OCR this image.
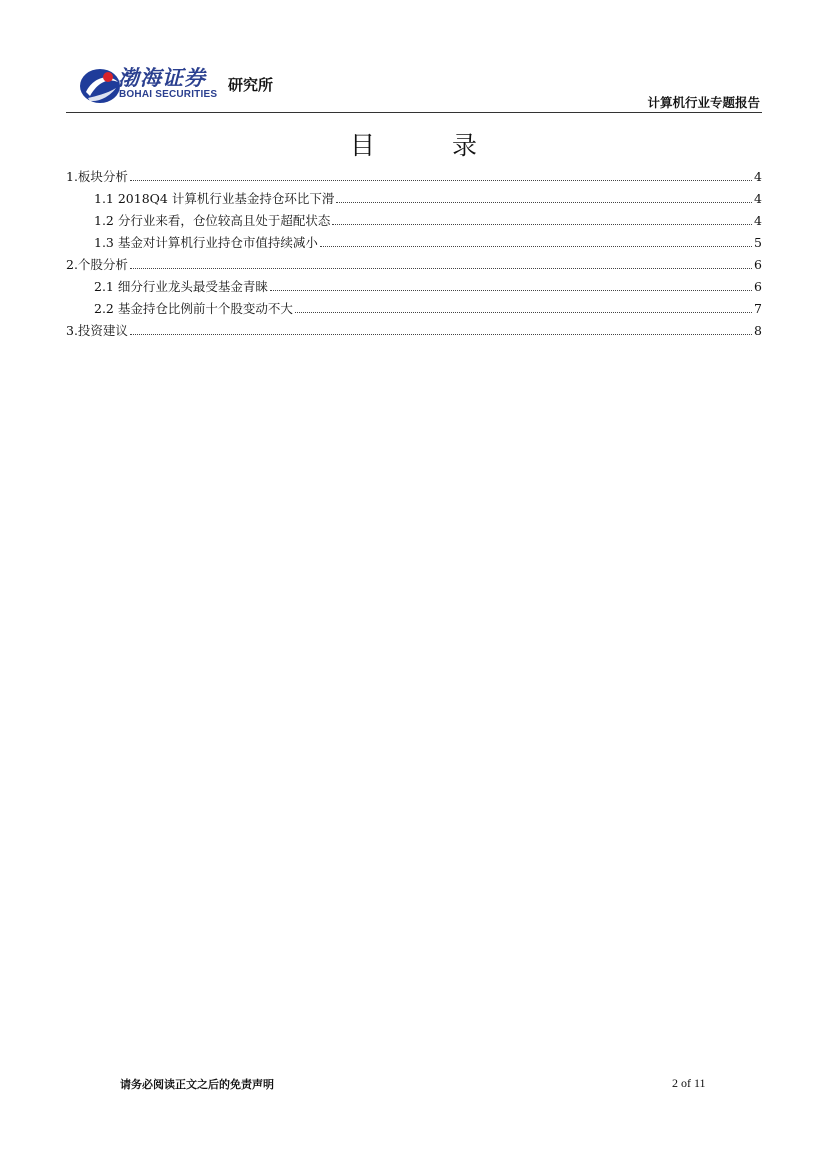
渤海证券
BOHAI SECURITIES
研究所
计算机行业专题报告
目　录
1.板块分析	4
1.1 2018Q4 计算机行业基金持仓环比下滑	4
1.2 分行业来看，仓位较高且处于超配状态	4
1.3 基金对计算机行业持仓市值持续减小	5
2.个股分析	6
2.1 细分行业龙头最受基金青睐	6
2.2 基金持仓比例前十个股变动不大	7
3.投资建议	8
请务必阅读正文之后的免责声明	2 of 11
